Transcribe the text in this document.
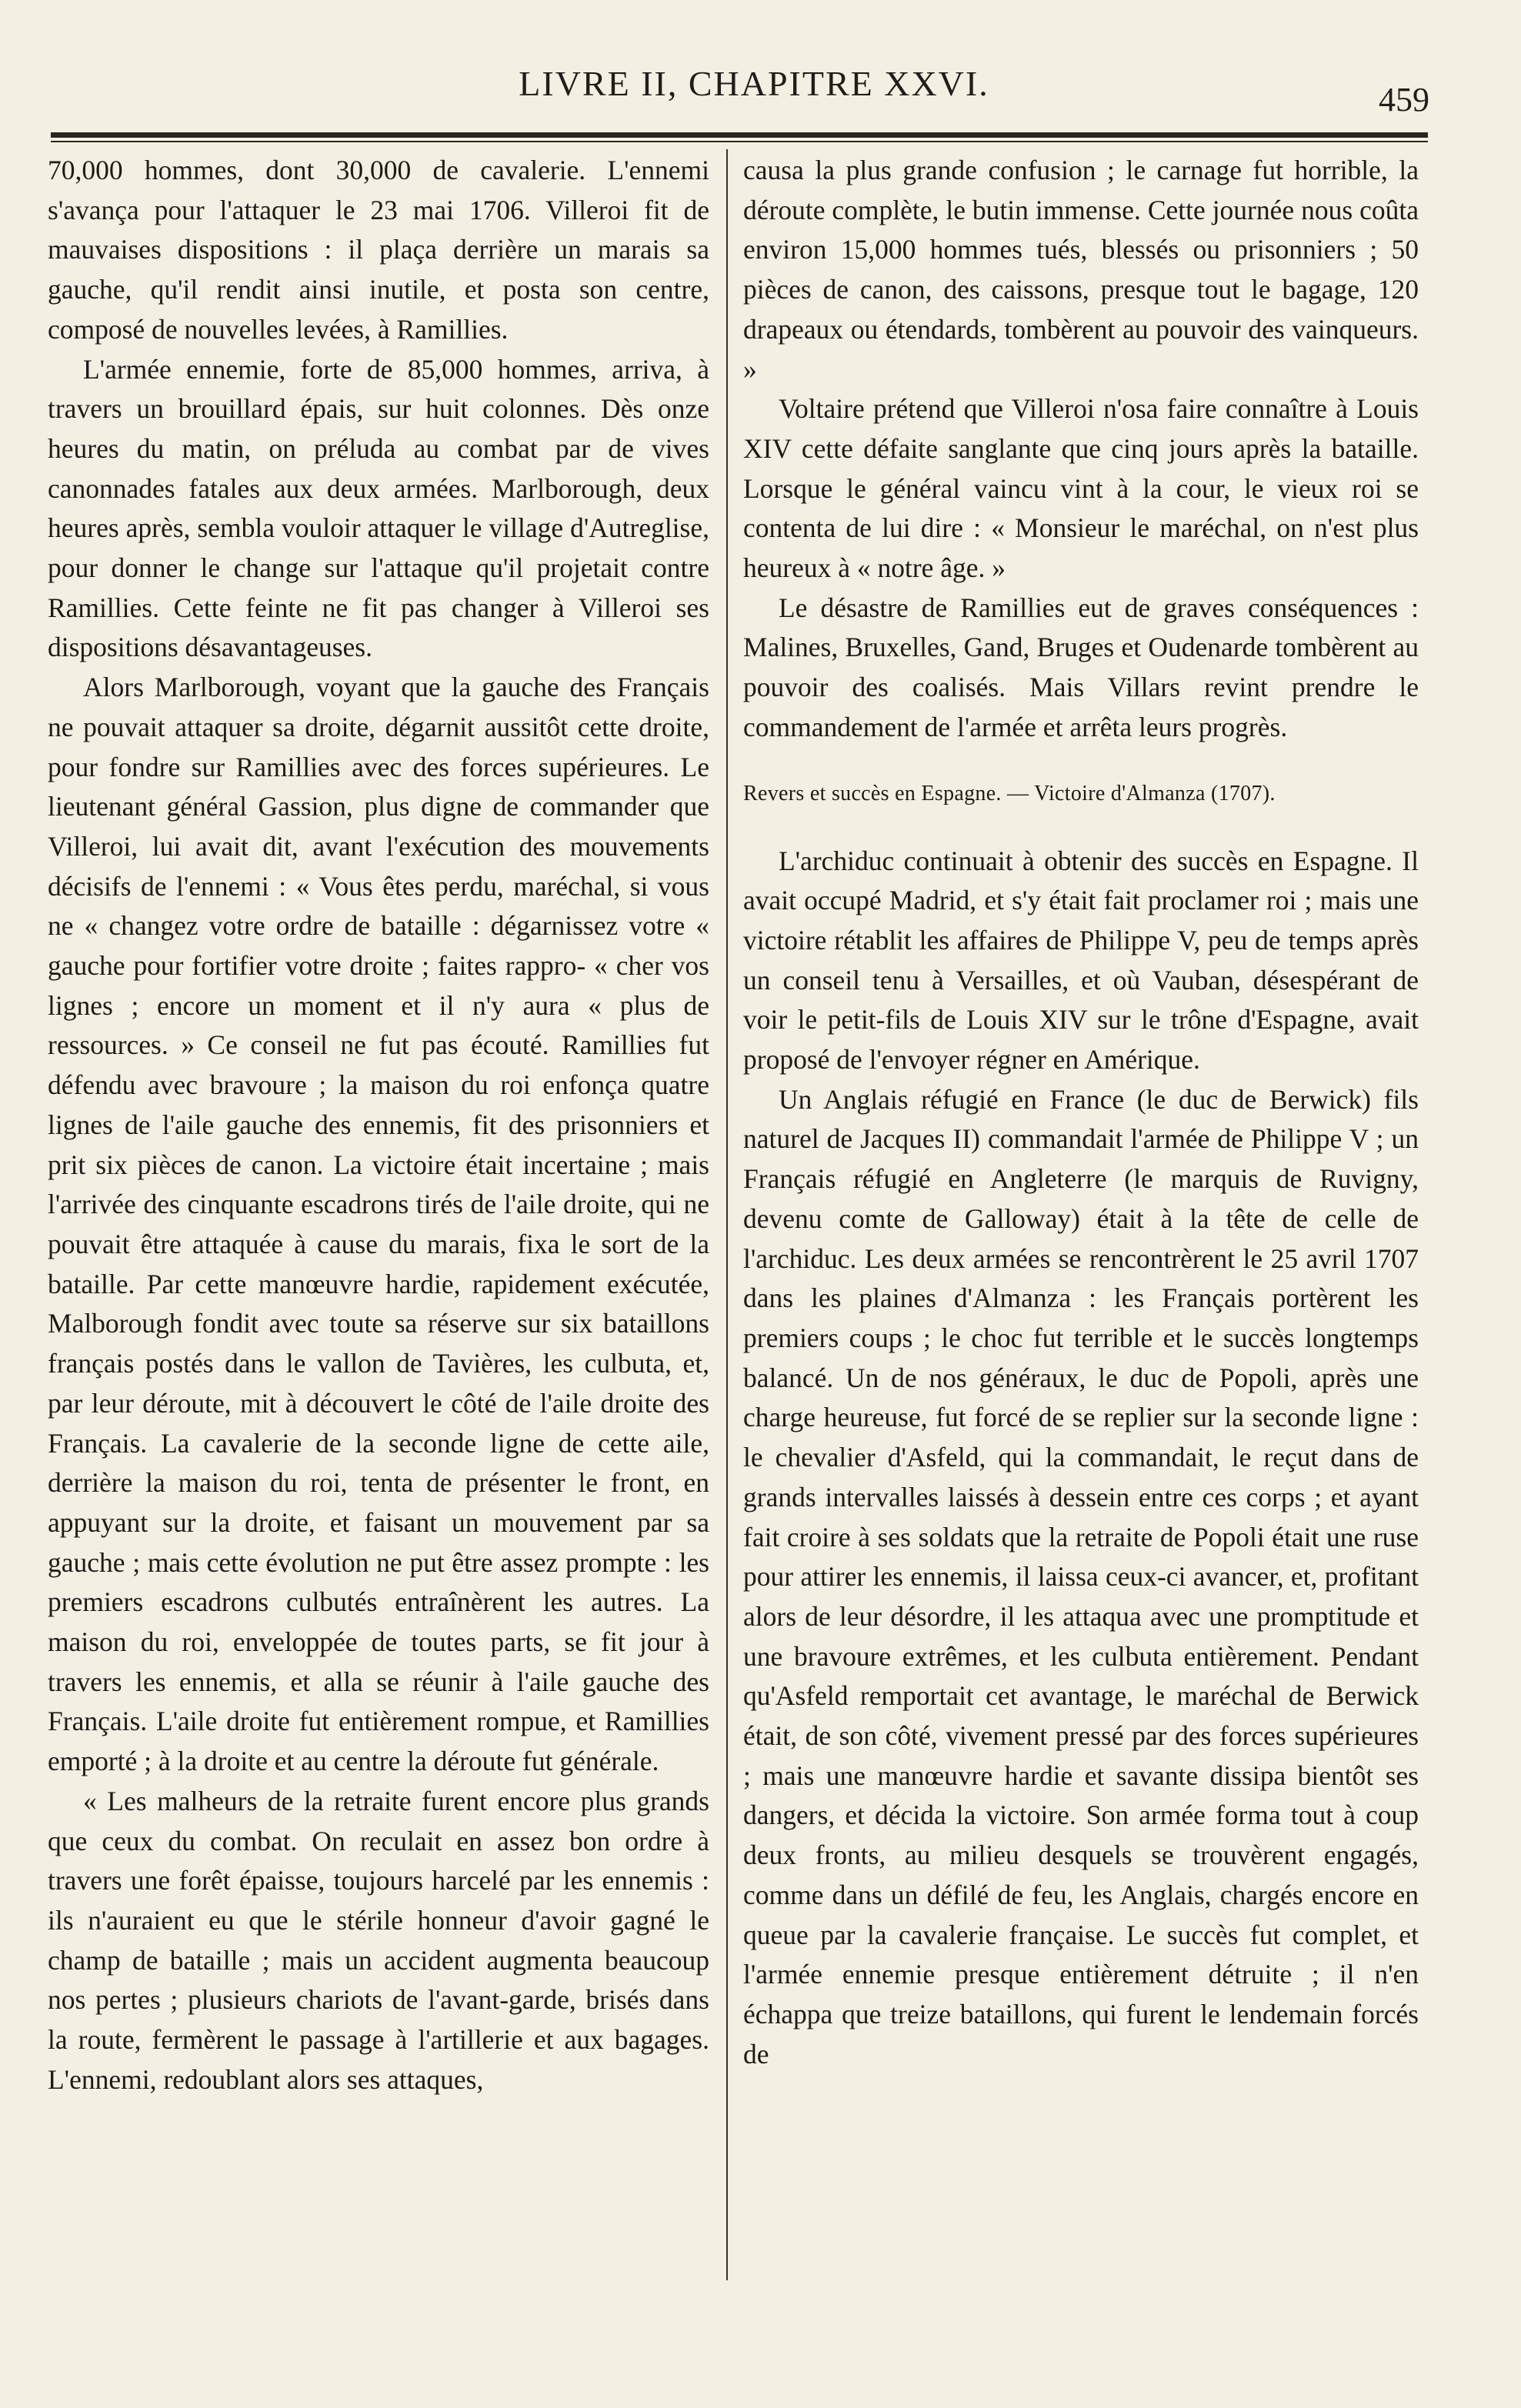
LIVRE II, CHAPITRE XXVI.	459

70,000 hommes, dont 30,000 de cavalerie. L'ennemi s'avança pour l'attaquer le 23 mai 1706. Villeroi fit de mauvaises dispositions : il plaça derrière un marais sa gauche, qu'il rendit ainsi inutile, et posta son centre, composé de nouvelles levées, à Ramillies.

L'armée ennemie, forte de 85,000 hommes, arriva, à travers un brouillard épais, sur huit colonnes. Dès onze heures du matin, on préluda au combat par de vives canonnades fatales aux deux armées. Marlborough, deux heures après, sembla vouloir attaquer le village d'Autreglise, pour donner le change sur l'attaque qu'il projetait contre Ramillies. Cette feinte ne fit pas changer à Villeroi ses dispositions désavantageuses.

Alors Marlborough, voyant que la gauche des Français ne pouvait attaquer sa droite, dégarnit aussitôt cette droite, pour fondre sur Ramillies avec des forces supérieures. Le lieutenant général Gassion, plus digne de commander que Villeroi, lui avait dit, avant l'exécution des mouvements décisifs de l'ennemi : « Vous êtes perdu, maréchal, si vous ne « changez votre ordre de bataille : dégarnissez votre « gauche pour fortifier votre droite ; faites rappro- « cher vos lignes ; encore un moment et il n'y aura « plus de ressources. » Ce conseil ne fut pas écouté. Ramillies fut défendu avec bravoure ; la maison du roi enfonça quatre lignes de l'aile gauche des ennemis, fit des prisonniers et prit six pièces de canon. La victoire était incertaine ; mais l'arrivée des cinquante escadrons tirés de l'aile droite, qui ne pouvait être attaquée à cause du marais, fixa le sort de la bataille. Par cette manœuvre hardie, rapidement exécutée, Malborough fondit avec toute sa réserve sur six bataillons français postés dans le vallon de Tavières, les culbuta, et, par leur déroute, mit à découvert le côté de l'aile droite des Français. La cavalerie de la seconde ligne de cette aile, derrière la maison du roi, tenta de présenter le front, en appuyant sur la droite, et faisant un mouvement par sa gauche ; mais cette évolution ne put être assez prompte : les premiers escadrons culbutés entraînèrent les autres. La maison du roi, enveloppée de toutes parts, se fit jour à travers les ennemis, et alla se réunir à l'aile gauche des Français. L'aile droite fut entièrement rompue, et Ramillies emporté ; à la droite et au centre la déroute fut générale.

« Les malheurs de la retraite furent encore plus grands que ceux du combat. On reculait en assez bon ordre à travers une forêt épaisse, toujours harcelé par les ennemis : ils n'auraient eu que le stérile honneur d'avoir gagné le champ de bataille ; mais un accident augmenta beaucoup nos pertes ; plusieurs chariots de l'avant-garde, brisés dans la route, fermèrent le passage à l'artillerie et aux bagages. L'ennemi, redoublant alors ses attaques,

causa la plus grande confusion ; le carnage fut horrible, la déroute complète, le butin immense. Cette journée nous coûta environ 15,000 hommes tués, blessés ou prisonniers ; 50 pièces de canon, des caissons, presque tout le bagage, 120 drapeaux ou étendards, tombèrent au pouvoir des vainqueurs. »

Voltaire prétend que Villeroi n'osa faire connaître à Louis XIV cette défaite sanglante que cinq jours après la bataille. Lorsque le général vaincu vint à la cour, le vieux roi se contenta de lui dire : « Monsieur le maréchal, on n'est plus heureux à « notre âge. »

Le désastre de Ramillies eut de graves conséquences : Malines, Bruxelles, Gand, Bruges et Oudenarde tombèrent au pouvoir des coalisés. Mais Villars revint prendre le commandement de l'armée et arrêta leurs progrès.

Revers et succès en Espagne. — Victoire d'Almanza (1707).

L'archiduc continuait à obtenir des succès en Espagne. Il avait occupé Madrid, et s'y était fait proclamer roi ; mais une victoire rétablit les affaires de Philippe V, peu de temps après un conseil tenu à Versailles, et où Vauban, désespérant de voir le petit-fils de Louis XIV sur le trône d'Espagne, avait proposé de l'envoyer régner en Amérique.

Un Anglais réfugié en France (le duc de Berwick) fils naturel de Jacques II) commandait l'armée de Philippe V ; un Français réfugié en Angleterre (le marquis de Ruvigny, devenu comte de Galloway) était à la tête de celle de l'archiduc. Les deux armées se rencontrèrent le 25 avril 1707 dans les plaines d'Almanza : les Français portèrent les premiers coups ; le choc fut terrible et le succès longtemps balancé. Un de nos généraux, le duc de Popoli, après une charge heureuse, fut forcé de se replier sur la seconde ligne : le chevalier d'Asfeld, qui la commandait, le reçut dans de grands intervalles laissés à dessein entre ces corps ; et ayant fait croire à ses soldats que la retraite de Popoli était une ruse pour attirer les ennemis, il laissa ceux-ci avancer, et, profitant alors de leur désordre, il les attaqua avec une promptitude et une bravoure extrêmes, et les culbuta entièrement. Pendant qu'Asfeld remportait cet avantage, le maréchal de Berwick était, de son côté, vivement pressé par des forces supérieures ; mais une manœuvre hardie et savante dissipa bientôt ses dangers, et décida la victoire. Son armée forma tout à coup deux fronts, au milieu desquels se trouvèrent engagés, comme dans un défilé de feu, les Anglais, chargés encore en queue par la cavalerie française. Le succès fut complet, et l'armée ennemie presque entièrement détruite ; il n'en échappa que treize bataillons, qui furent le lendemain forcés de
